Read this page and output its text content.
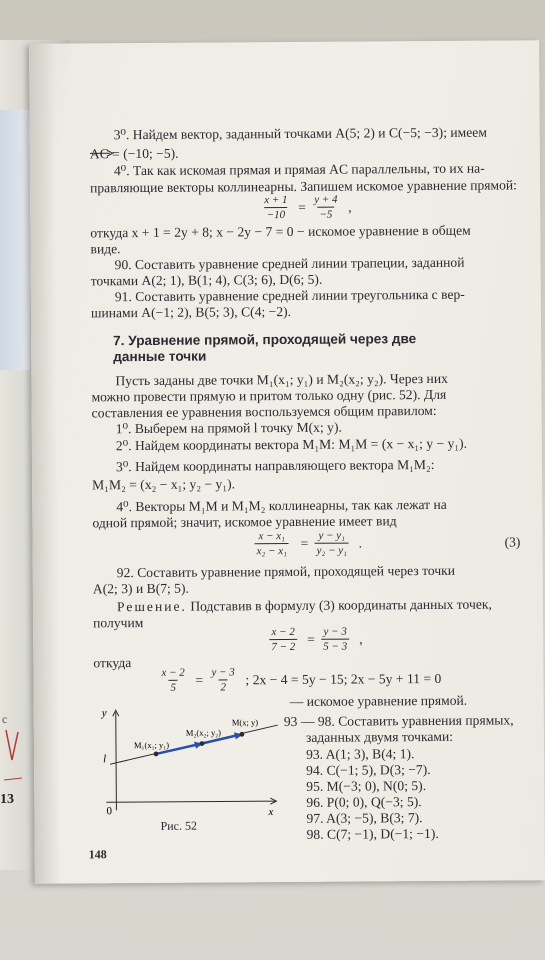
c
13
3⁰. Найдем вектор, заданный точками A(5; 2) и C(−5; −3); имеем
AC = (−10; −5).
4⁰. Так как искомая прямая и прямая AC параллельны, то их на-
правляющие векторы коллинеарны. Запишем искомое уравнение прямой:
$\frac{x + 1}{-10} = \frac{y + 4}{-5}$ ,
откуда x + 1 = 2y + 8; x − 2y − 7 = 0 − искомое уравнение в общем
виде.
90. Составить уравнение средней линии трапеции, заданной
точками A(2; 1), B(1; 4), C(3; 6), D(6; 5).
91. Составить уравнение средней линии треугольника с вер-
шинами A(−1; 2), B(5; 3), C(4; −2).
7. Уравнение прямой, проходящей через две
данные точки
Пусть заданы две точки M₁(x₁; y₁) и M₂(x₂; y₂). Через них
можно провести прямую и притом только одну (рис. 52). Для
составления ее уравнения воспользуемся общим правилом:
1⁰. Выберем на прямой l точку M(x; y).
2⁰. Найдем координаты вектора M₁M: M₁M = (x − x₁; y − y₁).
3⁰. Найдем координаты направляющего вектора M₁M₂:
M₁M₂ = (x₂ − x₁; y₂ − y₁).
4⁰. Векторы M₁M и M₁M₂ коллинеарны, так как лежат на
одной прямой; значит, искомое уравнение имеет вид
$\frac{\text{x − x₁}}{\text{x₂ − x₁}} = \frac{\text{y − y₁}}{\text{y₂ − y₁}}$ .	(3)
92. Составить уравнение прямой, проходящей через точки
A(2; 3) и B(7; 5).
Решение. Подставив в формулу (3) координаты данных точек,
получим
$\frac{x - 2}{7 - 2} = \frac{y - 3}{5 - 3}$ ,
откуда
$\frac{x - 2}{5} = \frac{y - 3}{2}$ ; 2x − 4 = 5y − 15; 2x − 5y + 11 = 0
— искомое уравнение прямой.
y
x
0
l
M₁(x₁; y₁)
M₂(x₂; y₂)
M(x; y)
Рис. 52
93 — 98. Составить уравнения прямых,
заданных двумя точками:
93. A(1; 3), B(4; 1).
94. C(−1; 5), D(3; −7).
95. M(−3; 0), N(0; 5).
96. P(0; 0), Q(−3; 5).
97. A(3; −5), B(3; 7).
98. C(7; −1), D(−1; −1).
148
